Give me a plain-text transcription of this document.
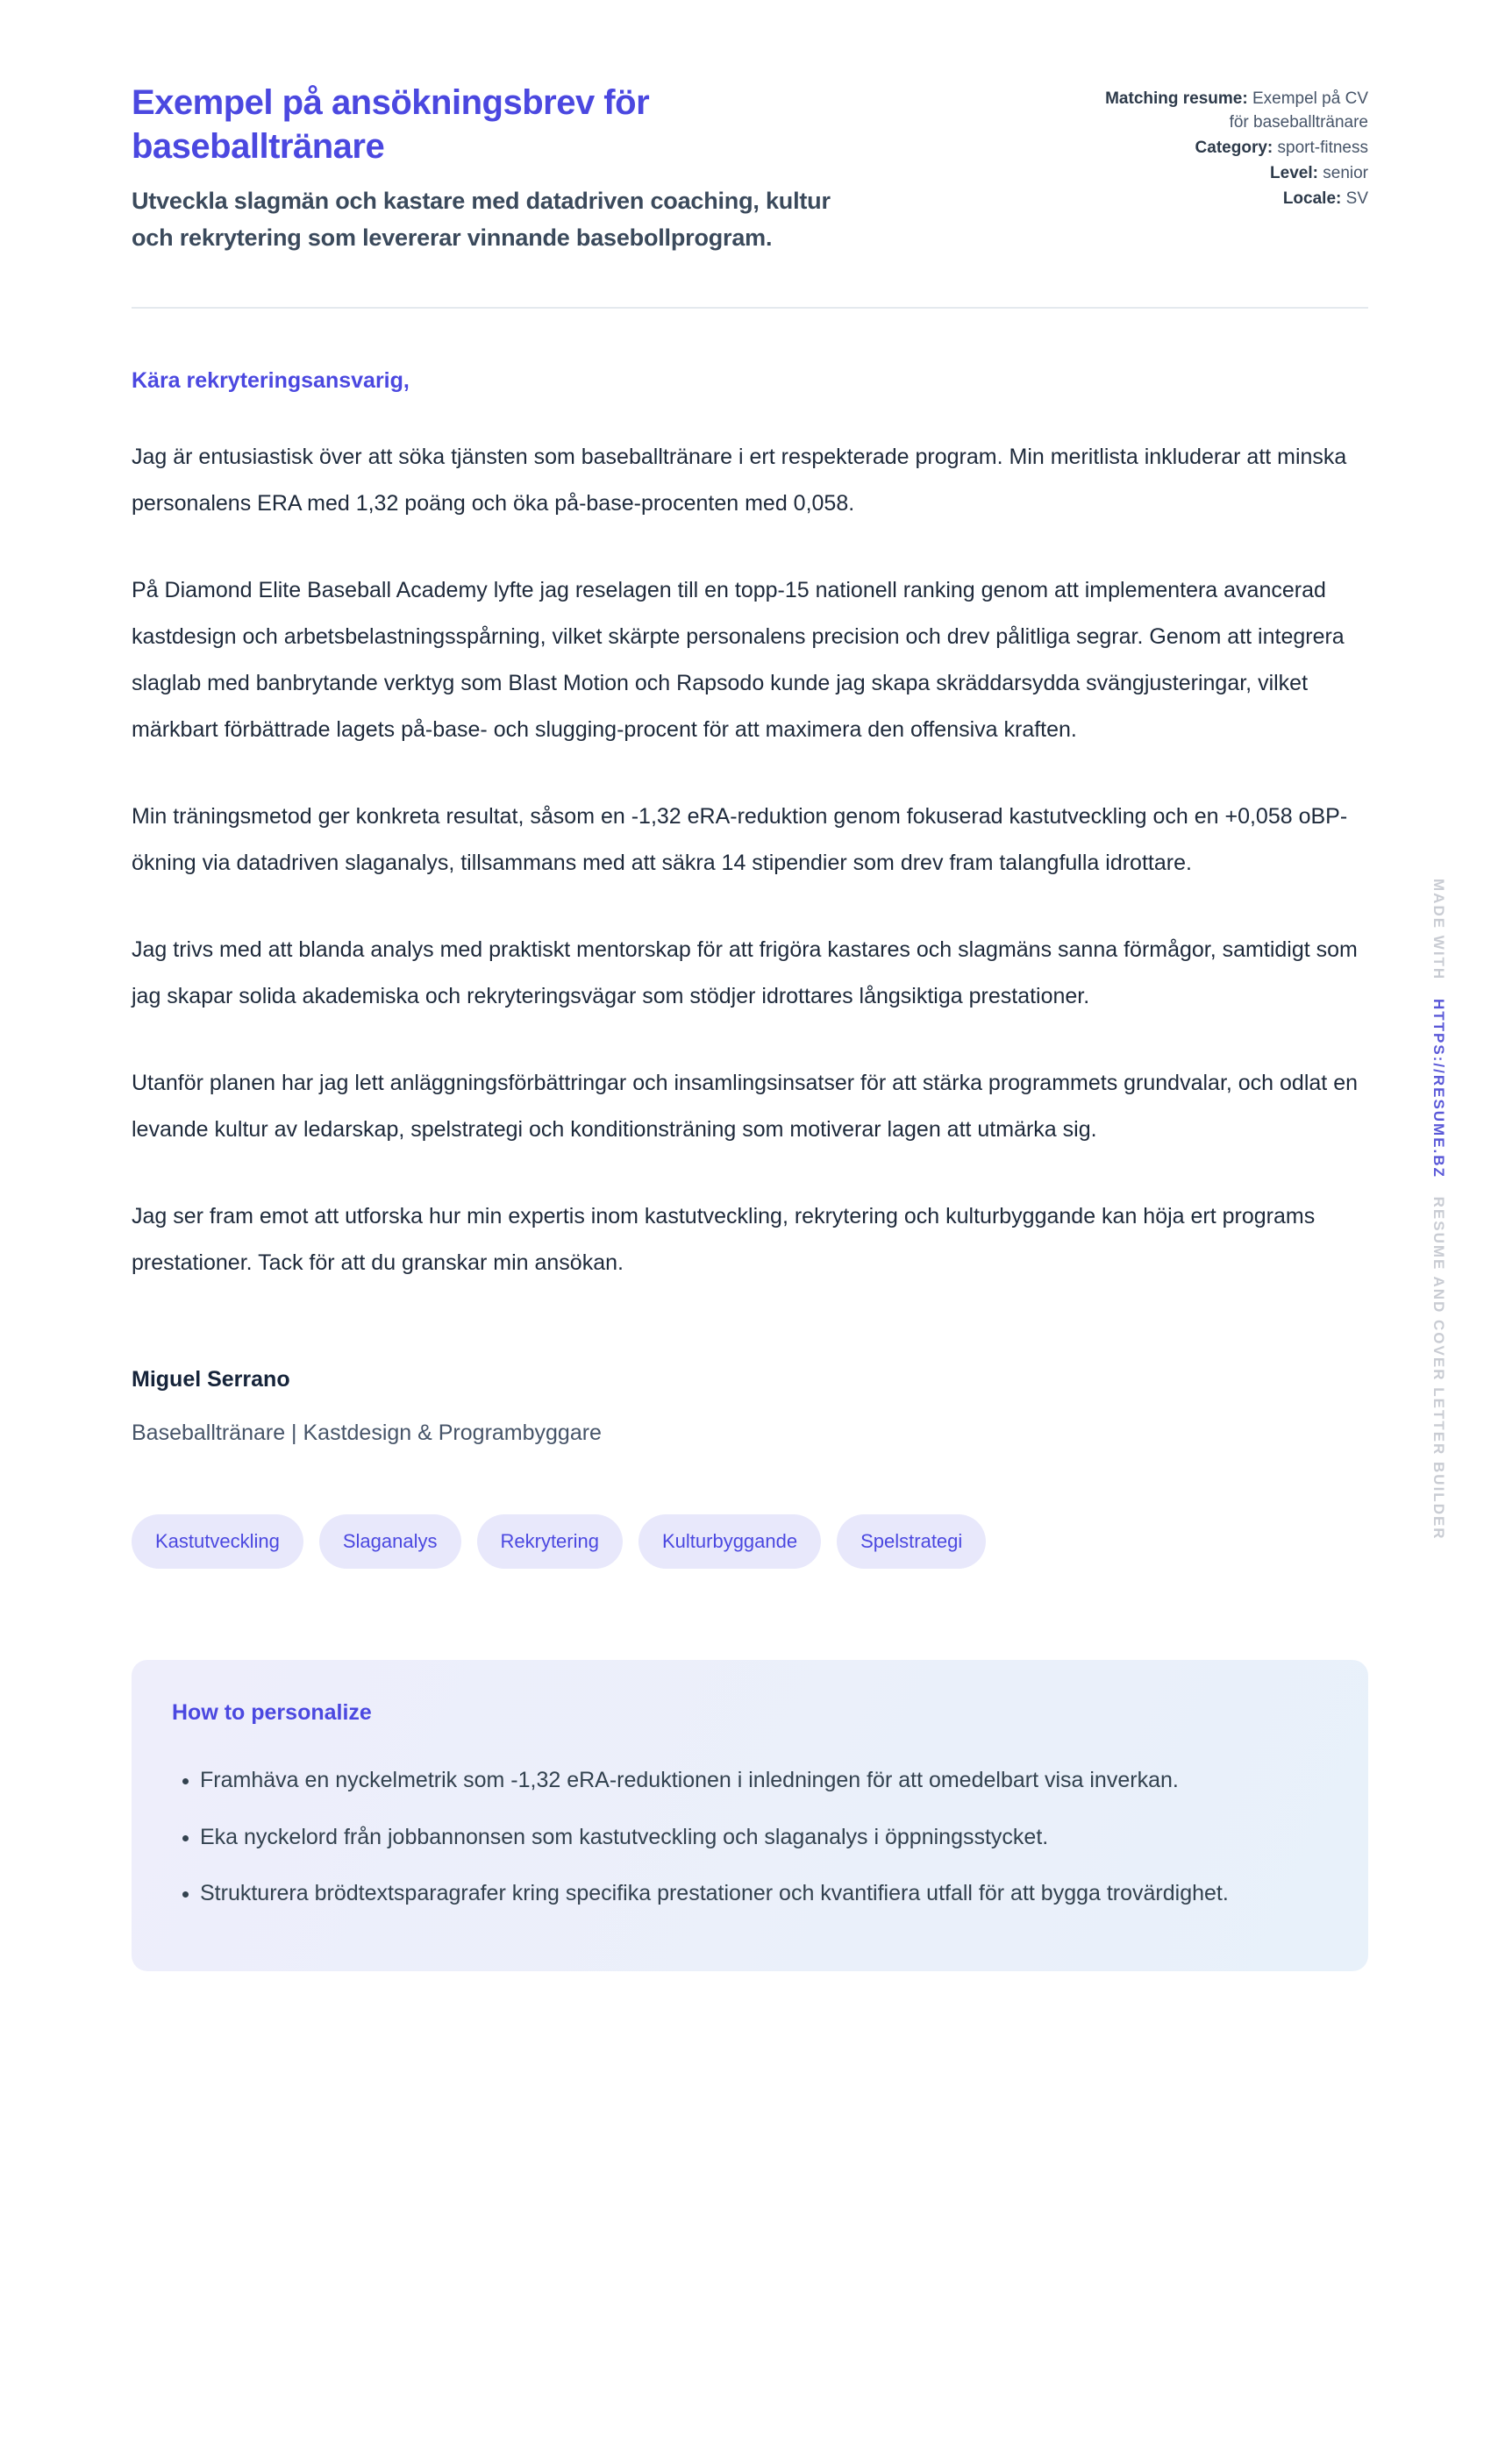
Exempel på ansökningsbrev för baseballtränare

Utveckla slagmän och kastare med datadriven coaching, kultur och rekrytering som levererar vinnande basebollprogram.

Matching resume: Exempel på CV för baseballtränare
Category: sport-fitness
Level: senior
Locale: SV

Kära rekryteringsansvarig,

Jag är entusiastisk över att söka tjänsten som baseballtränare i ert respekterade program. Min meritlista inkluderar att minska personalens ERA med 1,32 poäng och öka på-base-procenten med 0,058.

På Diamond Elite Baseball Academy lyfte jag reselagen till en topp-15 nationell ranking genom att implementera avancerad kastdesign och arbetsbelastningsspårning, vilket skärpte personalens precision och drev pålitliga segrar. Genom att integrera slaglab med banbrytande verktyg som Blast Motion och Rapsodo kunde jag skapa skräddarsydda svängjusteringar, vilket märkbart förbättrade lagets på-base- och slugging-procent för att maximera den offensiva kraften.

Min träningsmetod ger konkreta resultat, såsom en -1,32 eRA-reduktion genom fokuserad kastutveckling och en +0,058 oBP-ökning via datadriven slaganalys, tillsammans med att säkra 14 stipendier som drev fram talangfulla idrottare.

Jag trivs med att blanda analys med praktiskt mentorskap för att frigöra kastares och slagmäns sanna förmågor, samtidigt som jag skapar solida akademiska och rekryteringsvägar som stödjer idrottares långsiktiga prestationer.

Utanför planen har jag lett anläggningsförbättringar och insamlingsinsatser för att stärka programmets grundvalar, och odlat en levande kultur av ledarskap, spelstrategi och konditionsträning som motiverar lagen att utmärka sig.

Jag ser fram emot att utforska hur min expertis inom kastutveckling, rekrytering och kulturbyggande kan höja ert programs prestationer. Tack för att du granskar min ansökan.

Miguel Serrano

Baseballtränare | Kastdesign & Programbyggare

Kastutveckling	Slaganalys	Rekrytering	Kulturbyggande	Spelstrategi
How to personalize
• Framhäva en nyckelmetrik som -1,32 eRA-reduktionen i inledningen för att omedelbart visa inverkan.
• Eka nyckelord från jobbannonsen som kastutveckling och slaganalys i öppningsstycket.
• Strukturera brödtextsparagrafer kring specifika prestationer och kvantifiera utfall för att bygga trovärdighet.
MADE WITH HTTPS://RESUME.BZ RESUME AND COVER LETTER BUILDER
